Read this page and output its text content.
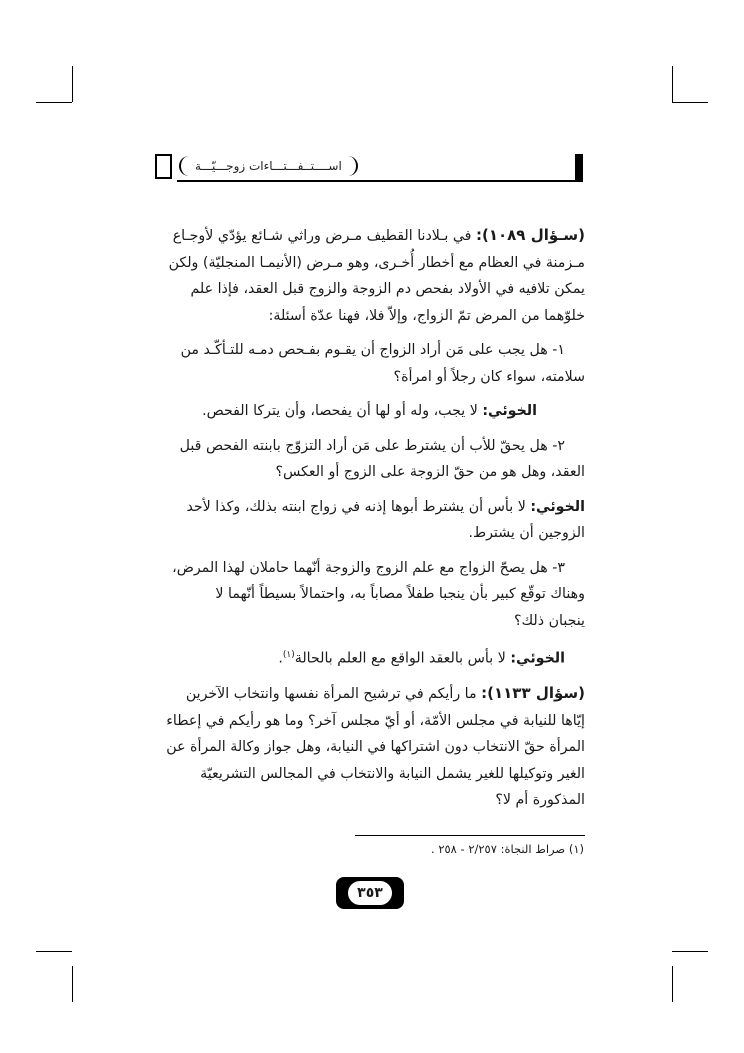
اســــتــفـــتـــاءات زوجـــيّـــة

(سـؤال ١٠٨٩): في بـلادنا القطيف مـرض وراثي شـائع يؤدّي لأوجـاع
مـزمنة في العظام مع أخطار أُخـرى، وهو مـرض (الأنيمـا المنجليّة) ولكن
يمكن تلافيه في الأولاد بفحص دم الزوجة والزوج قبل العقد، فإذا علم
خلوّهما من المرض تمّ الزواج، وإلاّ فلا، فهنا عدّة أسئلة:

١- هل يجب على مَن أراد الزواج أن يقـوم بفـحص دمـه للتـأكّـد من

سلامته، سواء كان رجلاً أو امرأة؟

الخوئي: لا يجب، وله أو لها أن يفحصا، وأن يتركا الفحص.

٢- هل يحقّ للأب أن يشترط على مَن أراد التزوّج بابنته الفحص قبل

العقد، وهل هو من حقّ الزوجة على الزوج أو العكس؟

الخوئي: لا بأس أن يشترط أبوها إذنه في زواج ابنته بذلك، وكذا لأحد
الزوجين أن يشترط.

٣- هل يصحّ الزواج مع علم الزوج والزوجة أنّهما حاملان لهذا المرض،

وهناك توقّع كبير بأن ينجبا طفلاً مصاباً به، واحتمالاً بسيطاً أنّهما لا
ينجبان ذلك؟

الخوئي: لا بأس بالعقد الواقع مع العلم بالحالة$^{(١)}$.

(سؤال ١١٣٣): ما رأيكم في ترشيح المرأة نفسها وانتخاب الآخرين
إيّاها للنيابة في مجلس الأمّة، أو أيّ مجلس آخر؟ وما هو رأيكم في إعطاء
المرأة حقّ الانتخاب دون اشتراكها في النيابة، وهل جواز وكالة المرأة عن
الغير وتوكيلها للغير يشمل النيابة والانتخاب في المجالس التشريعيّة
المذكورة أم لا؟

(١) صراط النجاة: ٢/٢٥٧ - ٢٥٨ .
٣٥٣
